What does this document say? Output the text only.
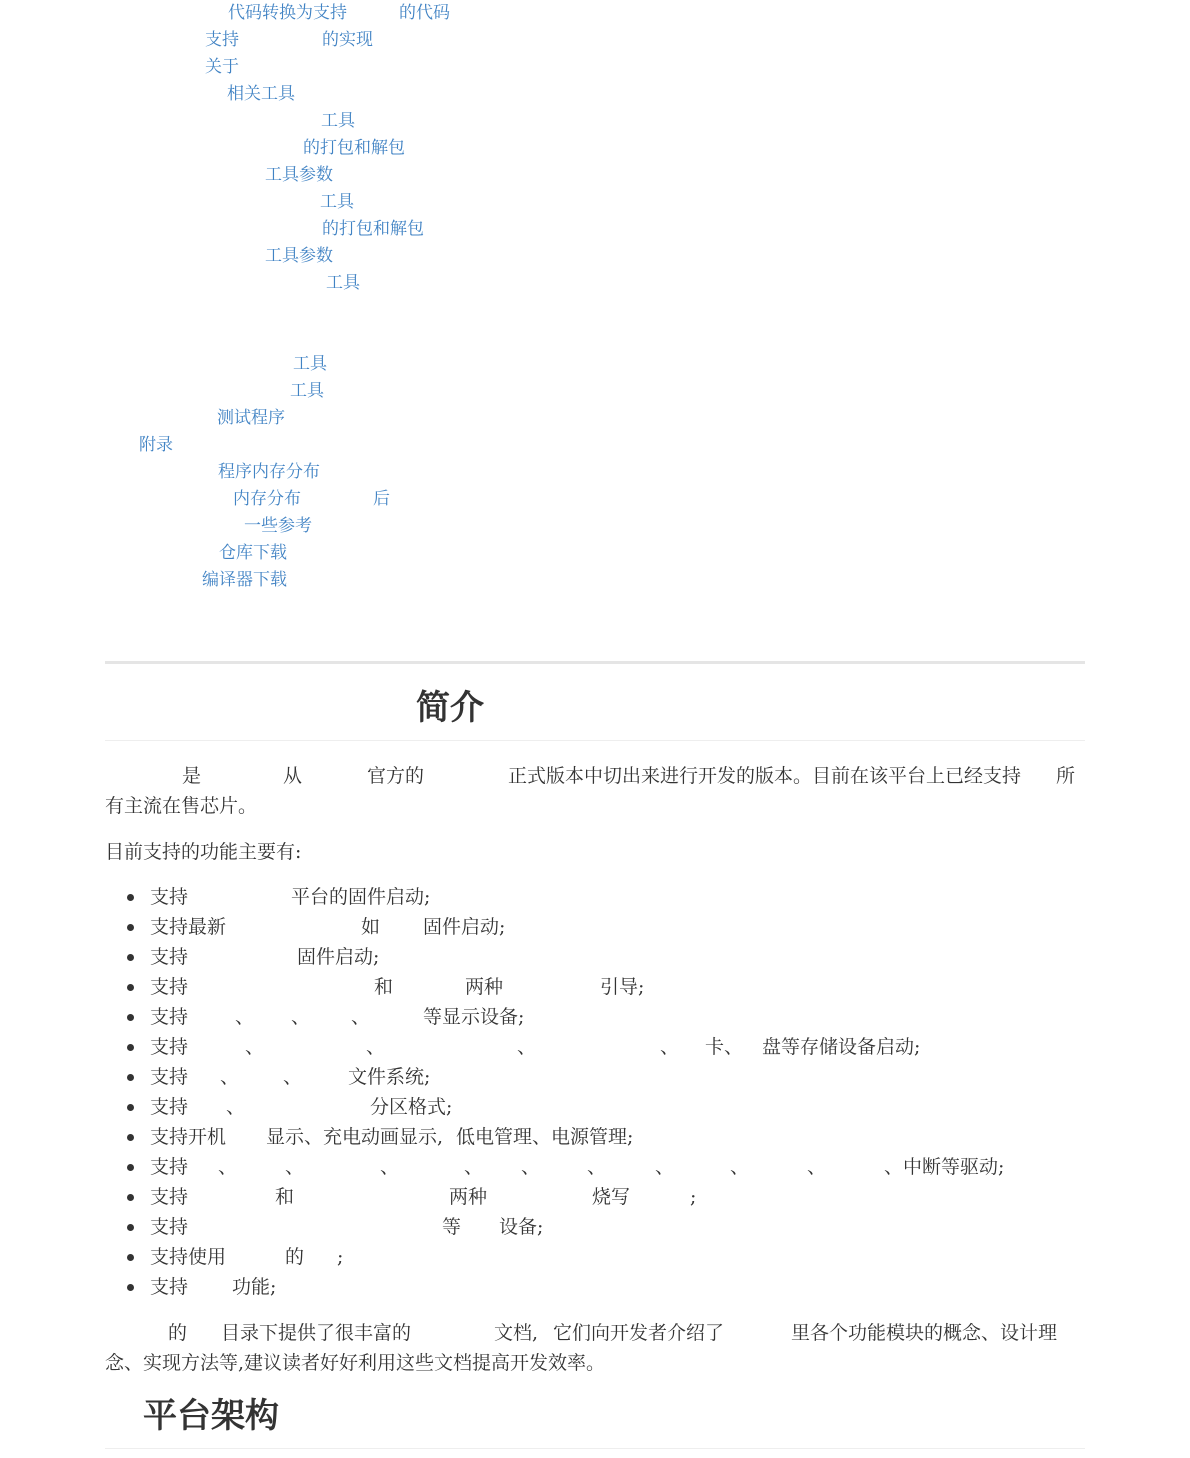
代码转换为支持	的代码
支持	的实现
关于
相关工具
工具
的打包和解包
工具参数
工具
的打包和解包
工具参数
工具
工具
工具
测试程序
附录
程序内存分布
内存分布	后
一些参考
仓库下载
编译器下载
简介
是	从	官方的	正式版本中切出来进行开发的版本。目前在该平台上已经支持 所
有主流在售芯片。
目前支持的功能主要有:
支持	平台的固件启动;
支持最新	如 固件启动;
支持	固件启动;
支持	和	两种	引导;
支持 、 、 、	等显示设备;
支持	、	、	、	、 卡、 盘等存储设备启动;
支持 、 、 文件系统;
支持 、	分区格式;
支持开机 显示、充电动画显示, 低电管理、电源管理;
支持 、	、	、	、 、 、	、	、	、	、中断等驱动;
支持	和	两种	烧写	;
支持	等 设备;
支持使用	的 ;
支持 功能;
的 目录下提供了很丰富的	文档, 它们向开发者介绍了	里各个功能模块的概念、设计理
念、实现方法等,建议读者好好利用这些文档提高开发效率。
平台架构
